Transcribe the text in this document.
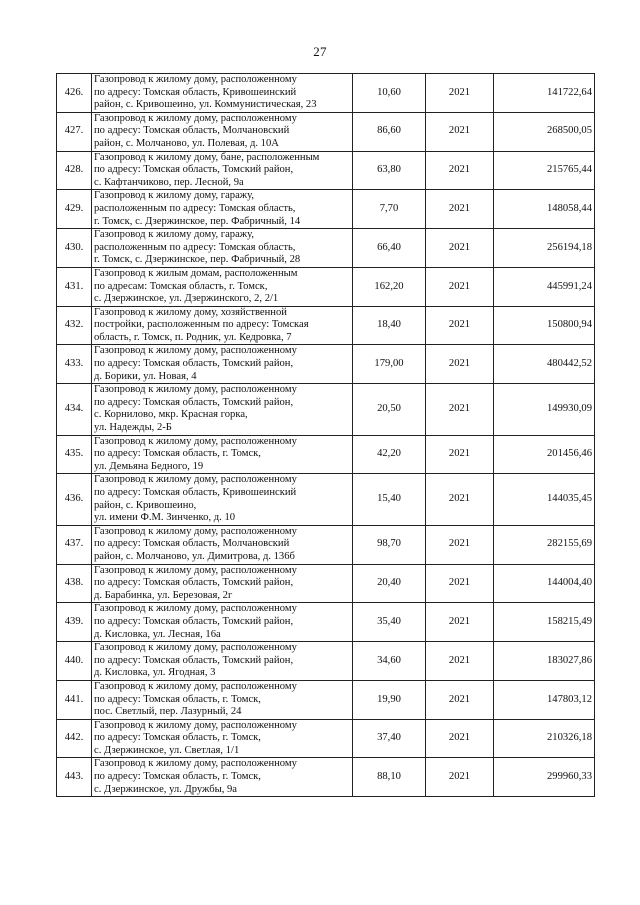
27
426.	Газопровод к жилому дому, расположенному
по адресу: Томская область, Кривошеинский
район, с. Кривошеино, ул. Коммунистическая, 23	10,60	2021	141722,64
427.	Газопровод к жилому дому, расположенному
по адресу: Томская область, Молчановский
район, с. Молчаново, ул. Полевая, д. 10А	86,60	2021	268500,05
428.	Газопровод к жилому дому, бане, расположенным
по адресу: Томская область, Томский район,
с. Кафтанчиково, пер. Лесной, 9а	63,80	2021	215765,44
429.	Газопровод к жилому дому, гаражу,
расположенным по адресу: Томская область,
г. Томск, с. Дзержинское, пер. Фабричный, 14	7,70	2021	148058,44
430.	Газопровод к жилому дому, гаражу,
расположенным по адресу: Томская область,
г. Томск, с. Дзержинское, пер. Фабричный, 28	66,40	2021	256194,18
431.	Газопровод к жилым домам, расположенным
по адресам: Томская область, г. Томск,
с. Дзержинское, ул. Дзержинского, 2, 2/1	162,20	2021	445991,24
432.	Газопровод к жилому дому, хозяйственной
постройки, расположенным по адресу: Томская
область, г. Томск, п. Родник, ул. Кедровка, 7	18,40	2021	150800,94
433.	Газопровод к жилому дому, расположенному
по адресу: Томская область, Томский район,
д. Борики, ул. Новая, 4	179,00	2021	480442,52
434.	Газопровод к жилому дому, расположенному
по адресу: Томская область, Томский район,
с. Корнилово, мкр. Красная горка,
ул. Надежды, 2-Б	20,50	2021	149930,09
435.	Газопровод к жилому дому, расположенному
по адресу: Томская область, г. Томск,
ул. Демьяна Бедного, 19	42,20	2021	201456,46
436.	Газопровод к жилому дому, расположенному
по адресу: Томская область, Кривошеинский
район, с. Кривошеино,
ул. имени Ф.М. Зинченко, д. 10	15,40	2021	144035,45
437.	Газопровод к жилому дому, расположенному
по адресу: Томская область, Молчановский
район, с. Молчаново, ул. Димитрова, д. 136б	98,70	2021	282155,69
438.	Газопровод к жилому дому, расположенному
по адресу: Томская область, Томский район,
д. Барабинка, ул. Березовая, 2г	20,40	2021	144004,40
439.	Газопровод к жилому дому, расположенному
по адресу: Томская область, Томский район,
д. Кисловка, ул. Лесная, 16а	35,40	2021	158215,49
440.	Газопровод к жилому дому, расположенному
по адресу: Томская область, Томский район,
д. Кисловка, ул. Ягодная, 3	34,60	2021	183027,86
441.	Газопровод к жилому дому, расположенному
по адресу: Томская область, г. Томск,
пос. Светлый, пер. Лазурный, 24	19,90	2021	147803,12
442.	Газопровод к жилому дому, расположенному
по адресу: Томская область, г. Томск,
с. Дзержинское, ул. Светлая, 1/1	37,40	2021	210326,18
443.	Газопровод к жилому дому, расположенному
по адресу: Томская область, г. Томск,
с. Дзержинское, ул. Дружбы, 9а	88,10	2021	299960,33
